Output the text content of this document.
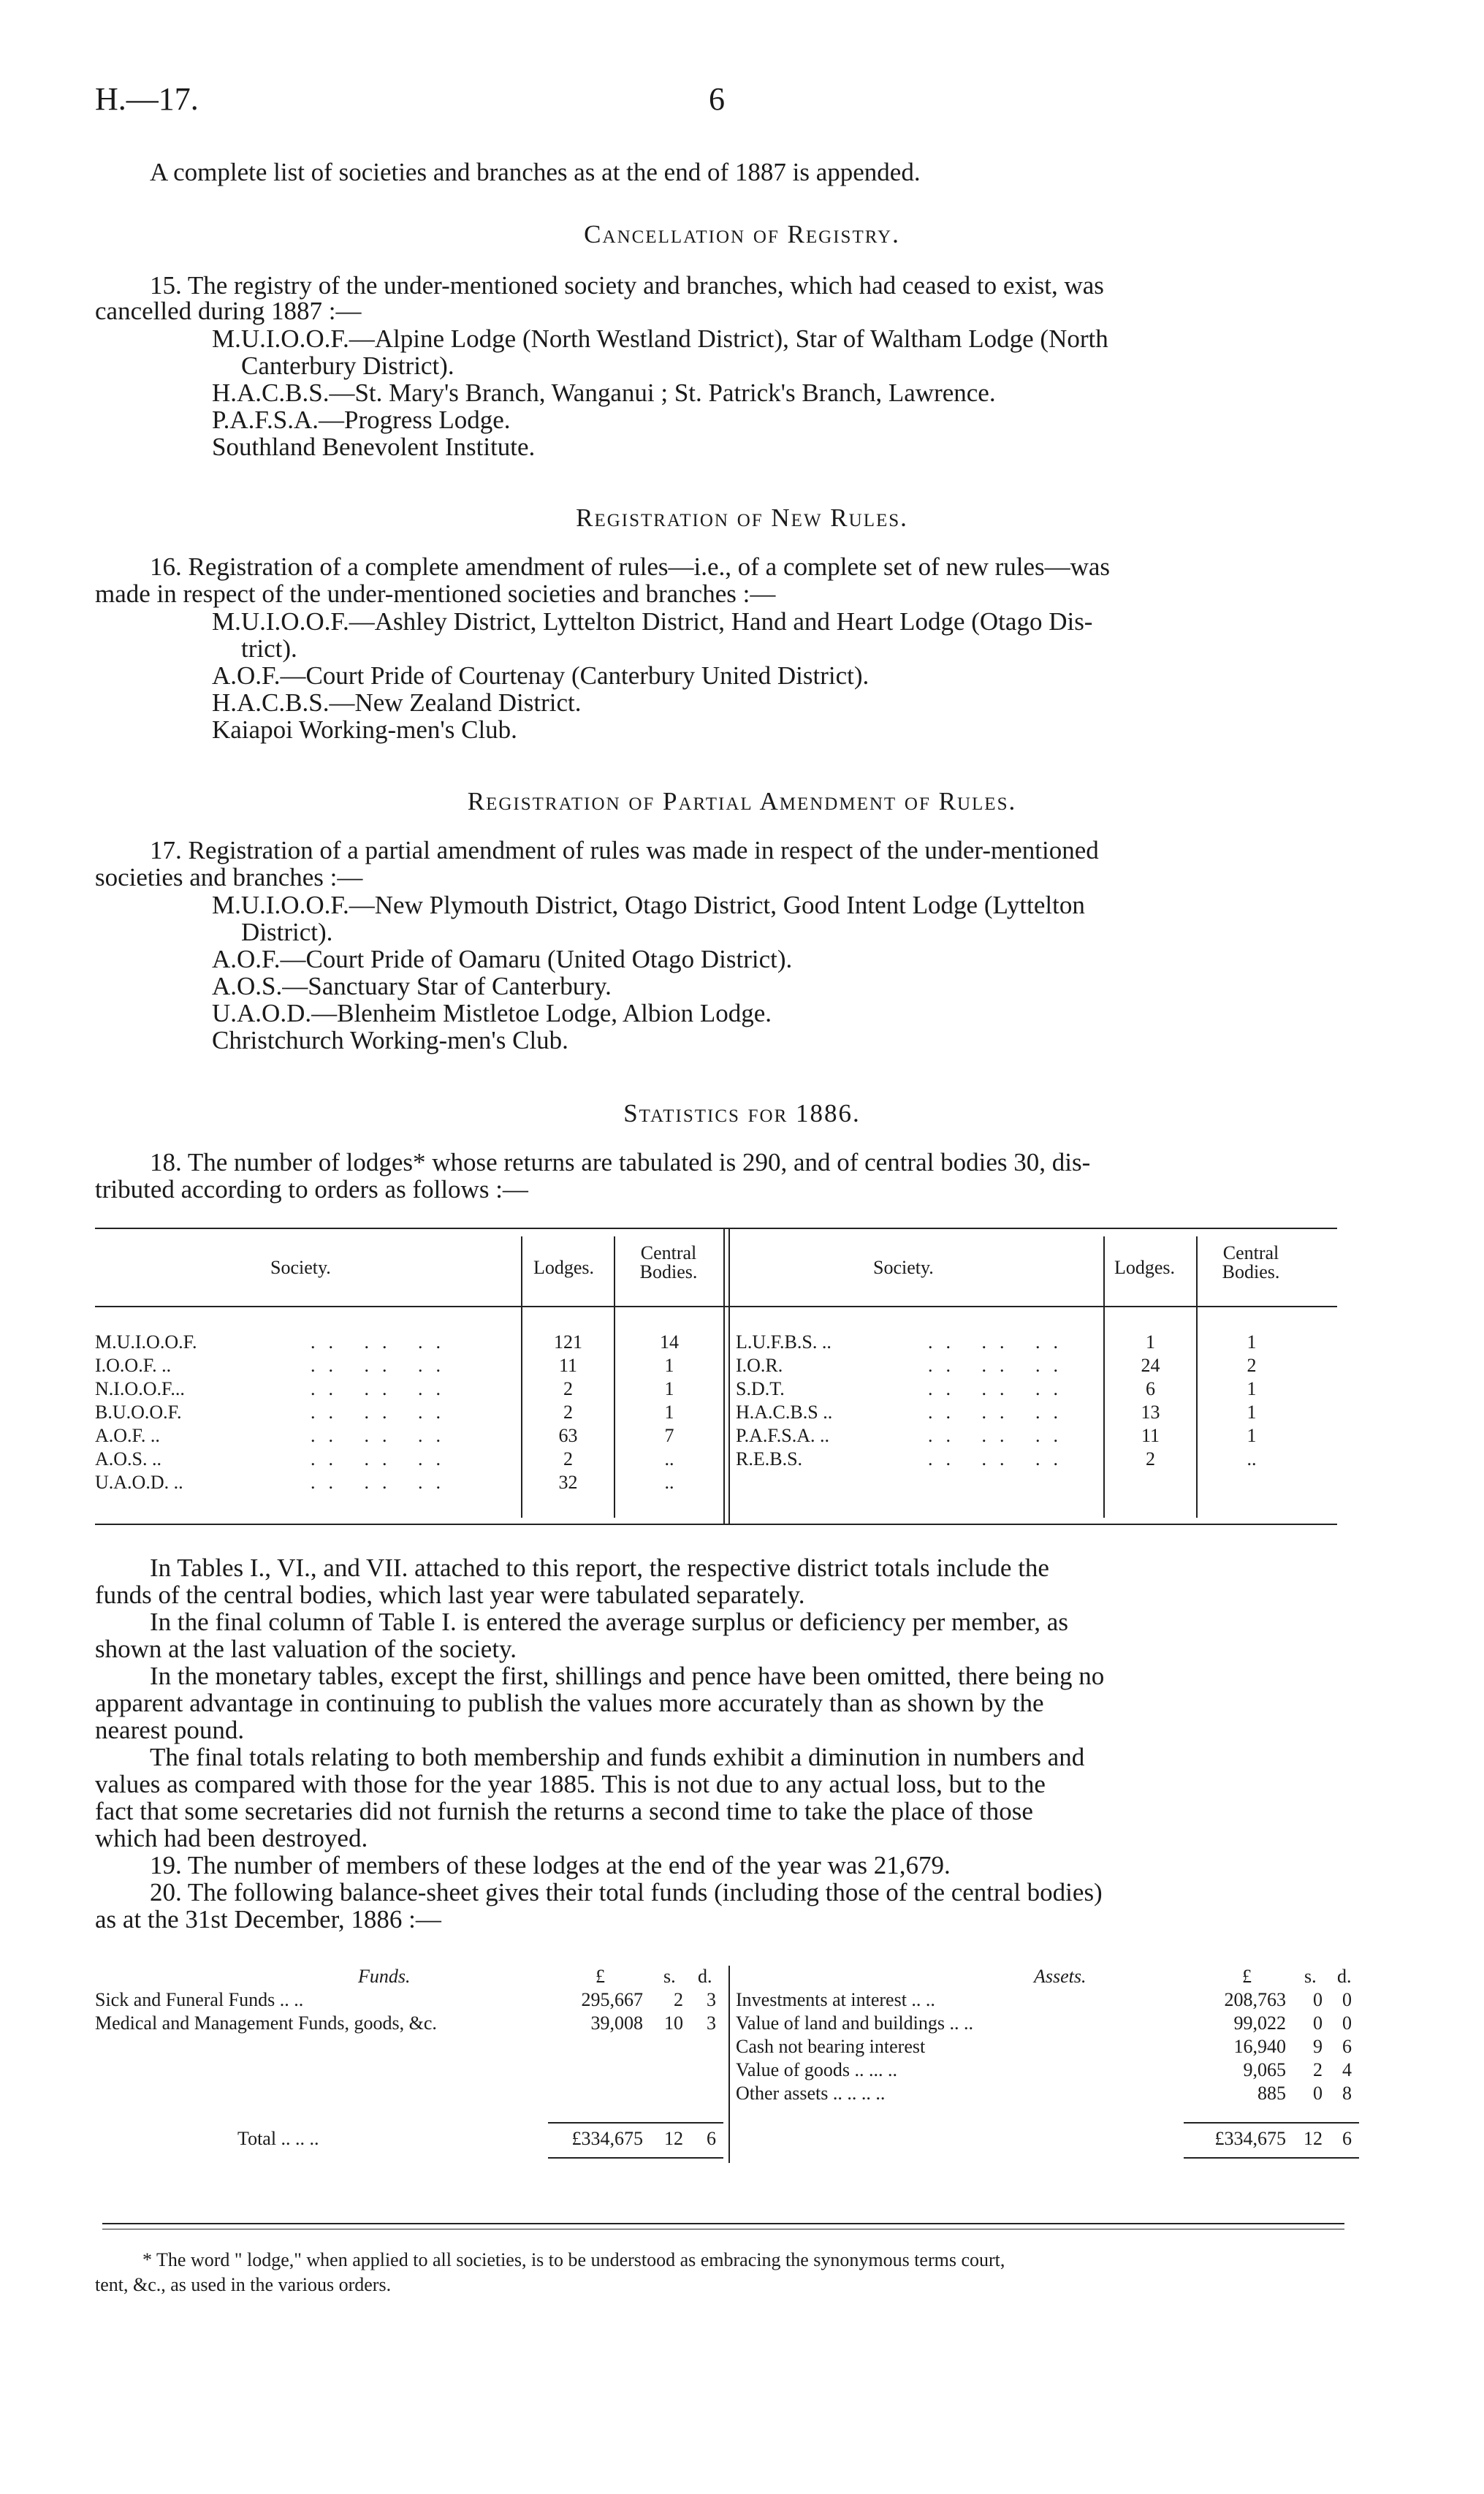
H.—17.	6
A complete list of societies and branches as at the end of 1887 is appended.
Cancellation of Registry.
15. The registry of the under-mentioned society and branches, which had ceased to exist, was
cancelled during 1887 :—
M.U.I.O.O.F.—Alpine Lodge (North Westland District), Star of Waltham Lodge (North
Canterbury District).
H.A.C.B.S.—St. Mary's Branch, Wanganui ; St. Patrick's Branch, Lawrence.
P.A.F.S.A.—Progress Lodge.
Southland Benevolent Institute.
Registration of New Rules.
16. Registration of a complete amendment of rules—i.e., of a complete set of new rules—was
made in respect of the under-mentioned societies and branches :—
M.U.I.O.O.F.—Ashley District, Lyttelton District, Hand and Heart Lodge (Otago Dis-
trict).
A.O.F.—Court Pride of Courtenay (Canterbury United District).
H.A.C.B.S.—New Zealand District.
Kaiapoi Working-men's Club.
Registration of Partial Amendment of Rules.
17. Registration of a partial amendment of rules was made in respect of the under-mentioned
societies and branches :—
M.U.I.O.O.F.—New Plymouth District, Otago District, Good Intent Lodge (Lyttelton
District).
A.O.F.—Court Pride of Oamaru (United Otago District).
A.O.S.—Sanctuary Star of Canterbury.
U.A.O.D.—Blenheim Mistletoe Lodge, Albion Lodge.
Christchurch Working-men's Club.
Statistics for 1886.
18. The number of lodges* whose returns are tabulated is 290, and of central bodies 30, dis-
tributed according to orders as follows :—
Society.	Lodges.
Central Bodies.	Society.	Lodges.
Central Bodies.
M.U.I.O.O.F.	.. .. ..	121	14
I.O.O.F. ..	.. .. ..	11	1
N.I.O.O.F...	.. .. ..	2	1
B.U.O.O.F.	.. .. ..	2	1
A.O.F. ..	.. .. ..	63	7
A.O.S. ..	.. .. ..	2	..
U.A.O.D. ..	.. .. ..	32	..
L.U.F.B.S. ..	.. .. ..	1	1
I.O.R.	.. .. ..	24	2
S.D.T.	.. .. ..	6	1
H.A.C.B.S ..	.. .. ..	13	1
P.A.F.S.A. ..	.. .. ..	11	1
R.E.B.S.	.. .. ..	2	..
In Tables I., VI., and VII. attached to this report, the respective district totals include the
funds of the central bodies, which last year were tabulated separately.
In the final column of Table I. is entered the average surplus or deficiency per member, as
shown at the last valuation of the society.
In the monetary tables, except the first, shillings and pence have been omitted, there being no
apparent advantage in continuing to publish the values more accurately than as shown by the
nearest pound.
The final totals relating to both membership and funds exhibit a diminution in numbers and
values as compared with those for the year 1885. This is not due to any actual loss, but to the
fact that some secretaries did not furnish the returns a second time to take the place of those
which had been destroyed.
19. The number of members of these lodges at the end of the year was 21,679.
20. The following balance-sheet gives their total funds (including those of the central bodies)
as at the 31st December, 1886 :—
Funds.	£	s. d.
Sick and Funeral Funds .. ..	295,667	2	3
Medical and Management Funds, goods, &c.	39,008	10	3
Total .. .. ..	£334,675	12	6
Assets.	£	s. d.
Investments at interest .. ..	208,763	0	0
Value of land and buildings .. ..	99,022	0	0
Cash not bearing interest	16,940	9	6
Value of goods .. ... ..	9,065	2	4
Other assets .. .. .. ..	885	0	8
£334,675 12	6
* The word " lodge," when applied to all societies, is to be understood as embracing the synonymous terms court,
tent, &c., as used in the various orders.
